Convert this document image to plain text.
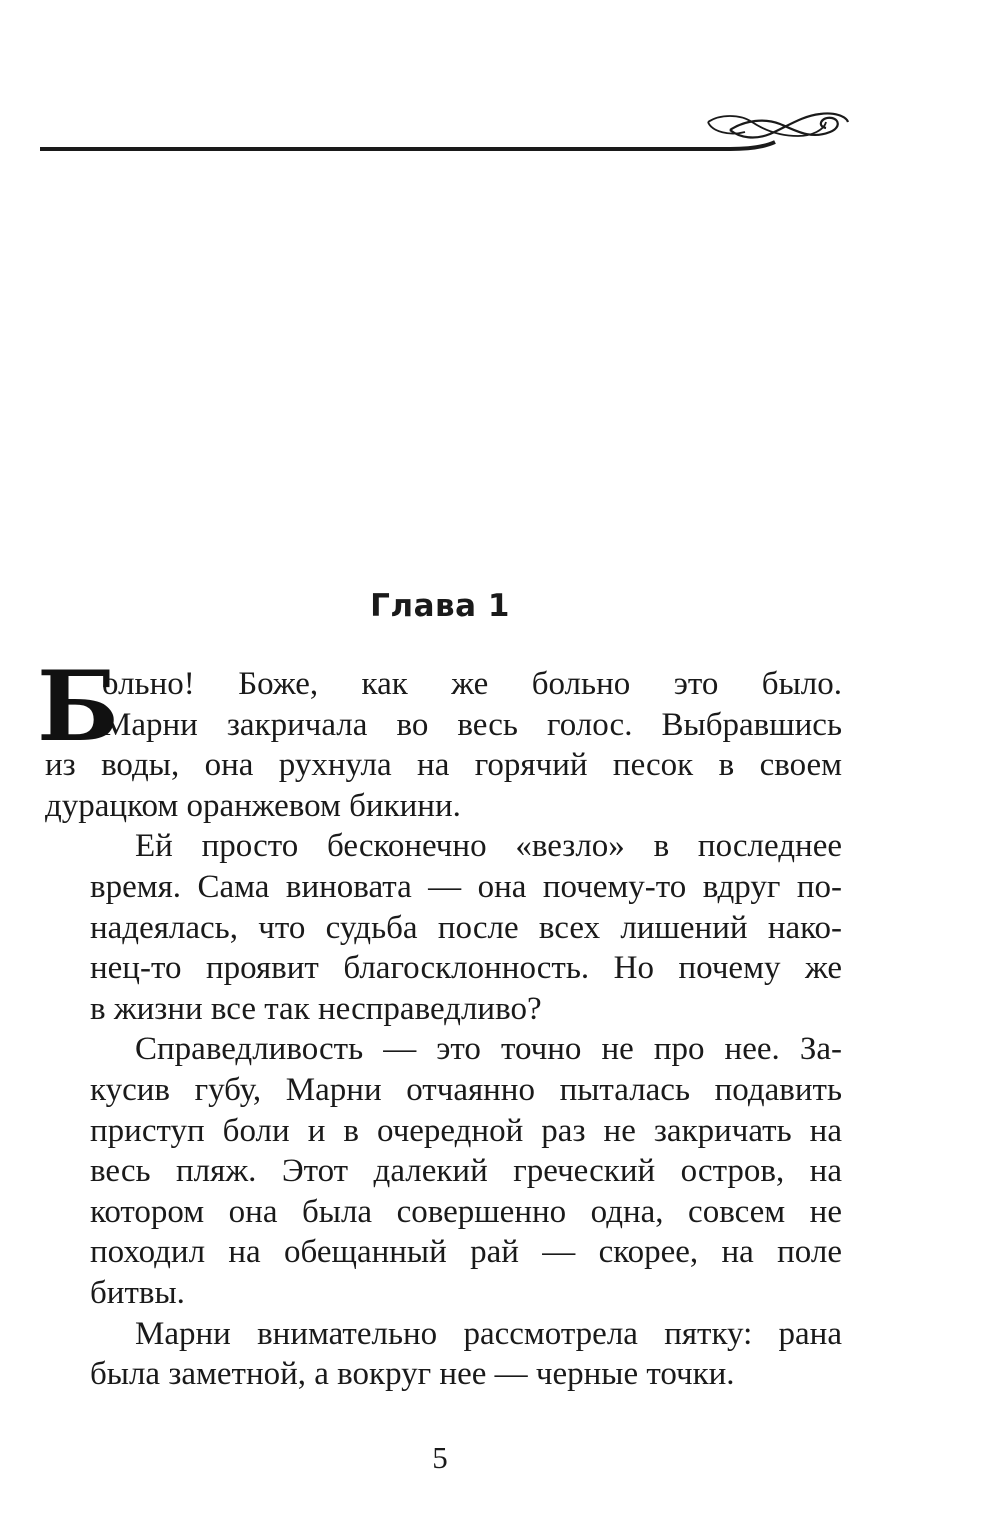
Глава 1
Б
ольно! Боже, как же больно это было.
Марни закричала во весь голос. Выбравшись
из воды, она рухнула на горячий песок в своем
дурацком оранжевом бикини.
Ей просто бесконечно «везло» в последнее
время. Сама виновата — она почему-то вдруг по-
надеялась, что судьба после всех лишений нако-
нец-то проявит благосклонность. Но почему же
в жизни все так несправедливо?
Справедливость — это точно не про нее. За-
кусив губу, Марни отчаянно пыталась подавить
приступ боли и в очередной раз не закричать на
весь пляж. Этот далекий греческий остров, на
котором она была совершенно одна, совсем не
походил на обещанный рай — скорее, на поле
битвы.
Марни внимательно рассмотрела пятку: рана
была заметной, а вокруг нее — черные точки.
5
